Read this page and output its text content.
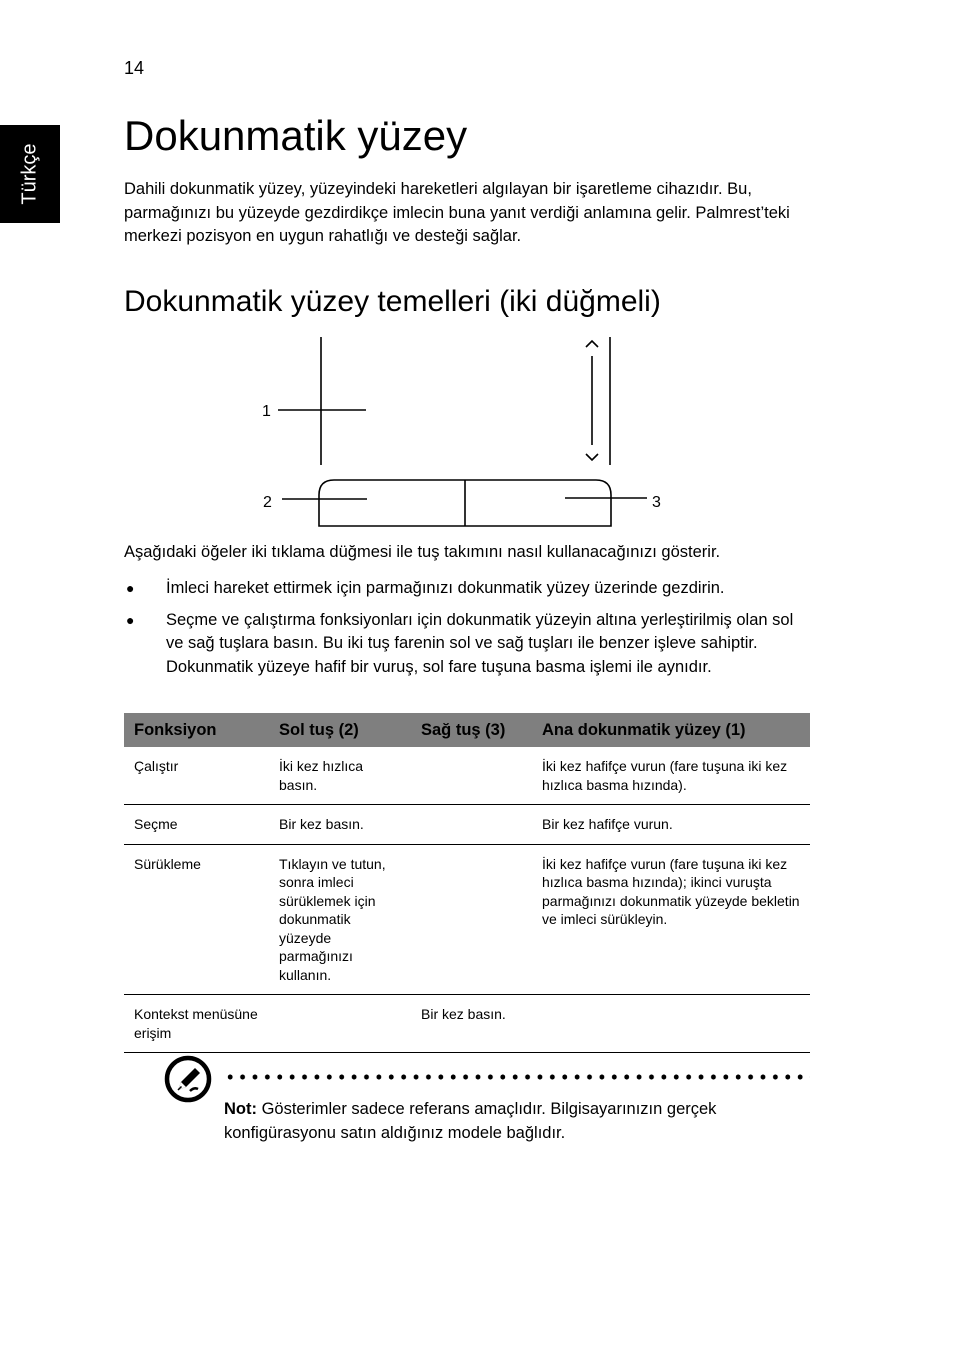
14
Türkçe
Dokunmatik yüzey

Dahili dokunmatik yüzey, yüzeyindeki hareketleri algılayan bir işaretleme cihazıdır. Bu, parmağınızı bu yüzeyde gezdirdikçe imlecin buna yanıt verdiği anlamına gelir. Palmrest’teki merkezi pozisyon en uygun rahatlığı ve desteği sağlar.

Dokunmatik yüzey temelleri (iki düğmeli)
1
2	3

Aşağıdaki öğeler iki tıklama düğmesi ile tuş takımını nasıl kullanacağınızı gösterir.

● İmleci hareket ettirmek için parmağınızı dokunmatik yüzey üzerinde gezdirin.
● Seçme ve çalıştırma fonksiyonları için dokunmatik yüzeyin altına yerleştirilmiş olan sol ve sağ tuşlara basın. Bu iki tuş farenin sol ve sağ tuşları ile benzer işleve sahiptir. Dokunmatik yüzeye hafif bir vuruş, sol fare tuşuna basma işlemi ile aynıdır.
Fonksiyon	Sol tuş (2)	Sağ tuş (3)	Ana dokunmatik yüzey (1)
Çalıştır	İki kez hızlıca basın.		İki kez hafifçe vurun (fare tuşuna iki kez hızlıca basma hızında).
Seçme	Bir kez basın.		Bir kez hafifçe vurun.
Sürükleme	Tıklayın ve tutun, sonra imleci sürüklemek için dokunmatik yüzeyde parmağınızı kullanın.		İki kez hafifçe vurun (fare tuşuna iki kez hızlıca basma hızında); ikinci vuruşta parmağınızı dokunmatik yüzeyde bekletin ve imleci sürükleyin.
Kontekst menüsüne erişim		Bir kez basın.	

Not: Gösterimler sadece referans amaçlıdır. Bilgisayarınızın gerçek konfigürasyonu satın aldığınız modele bağlıdır.
